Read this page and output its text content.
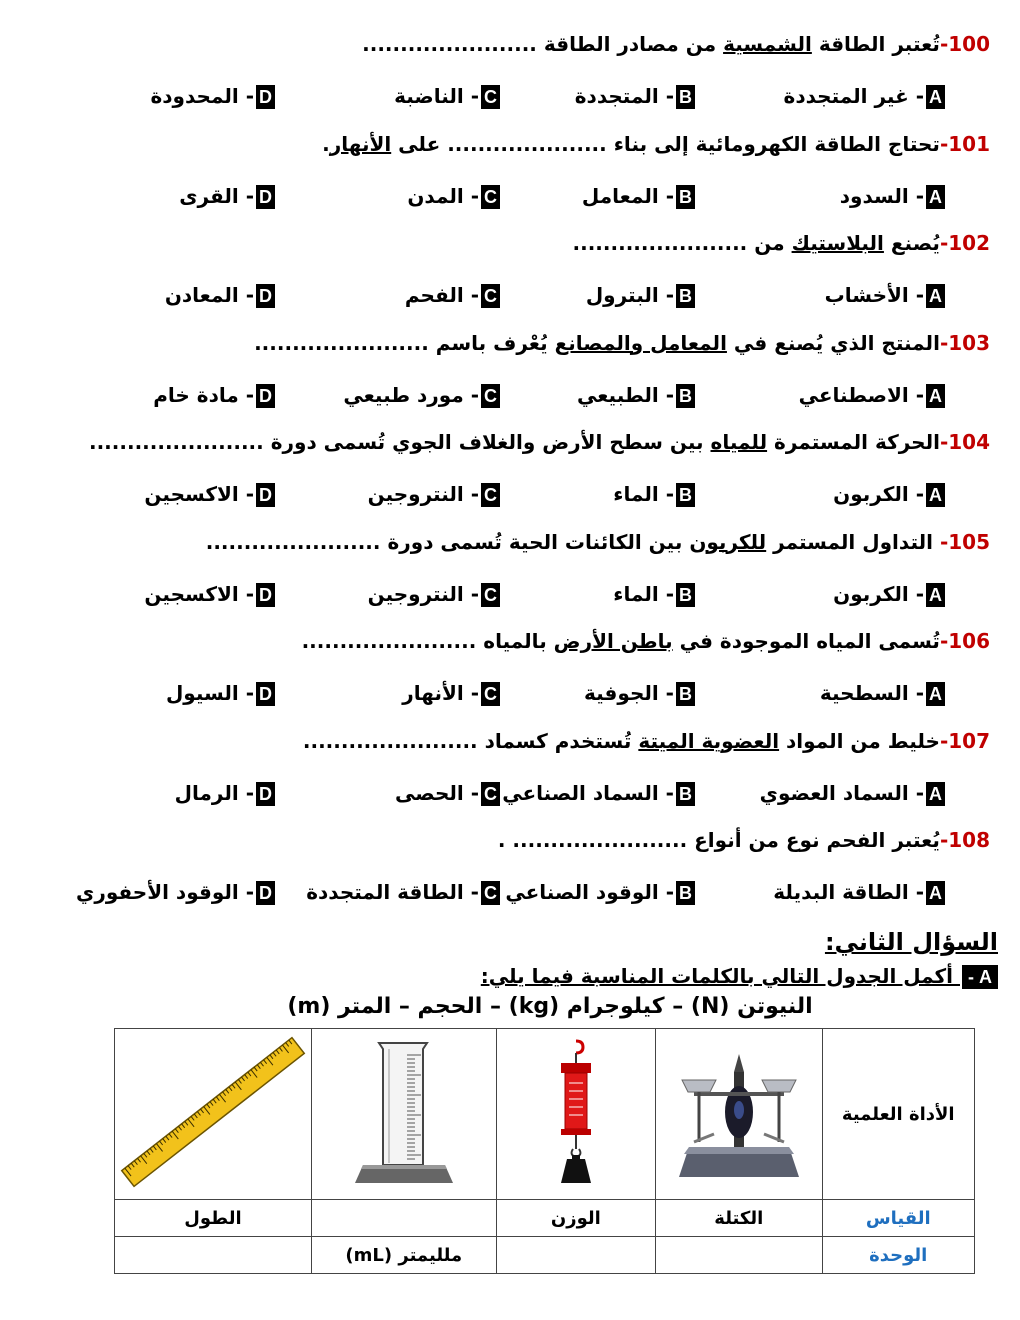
100-تُعتبر الطاقة الشمسية من مصادر الطاقة .......................
A- غير المتجددة
B- المتجددة
C- الناضبة
D- المحدودة
101-تحتاج الطاقة الكهرومائية إلى بناء ..................... على الأنهار.
A- السدود
B- المعامل
C- المدن
D- القرى
102-يُصنع البلاستيك من .......................
A- الأخشاب
B- البترول
C- الفحم
D- المعادن
103-المنتج الذي يُصنع في المعامل والمصانع يُعْرف باسم .......................
A- الاصطناعي
B- الطبيعي
C- مورد طبيعي
D- مادة خام
104-الحركة المستمرة للمياه بين سطح الأرض والغلاف الجوي تُسمى دورة .......................
A- الكربون
B- الماء
C- النتروجين
D- الاكسجين
105- التداول المستمر للكربون بين الكائنات الحية تُسمى دورة .......................
A- الكربون
B- الماء
C- النتروجين
D- الاكسجين
106-تُسمى المياه الموجودة في باطن الأرض بالمياه .......................
A- السطحية
B- الجوفية
C- الأنهار
D- السيول
107-خليط من المواد العضوية الميتة تُستخدم كسماد .......................
A- السماد العضوي
B- السماد الصناعي
C- الحصى
D- الرمال
108-يُعتبر الفحم نوع من أنواع ....................... .
A- الطاقة البديلة
B- الوقود الصناعي
C- الطاقة المتجددة
D- الوقود الأحفوري
السؤال الثاني:
A - أكمل الجدول التالي بالكلمات المناسبة فيما يلي:
النيوتن (N) – كيلوجرام (kg) – الحجم – المتر (m)
الأداة العلمية				
القياس	الكتلة	الوزن		الطول
الوحدة			ملليمتر (mL)	
